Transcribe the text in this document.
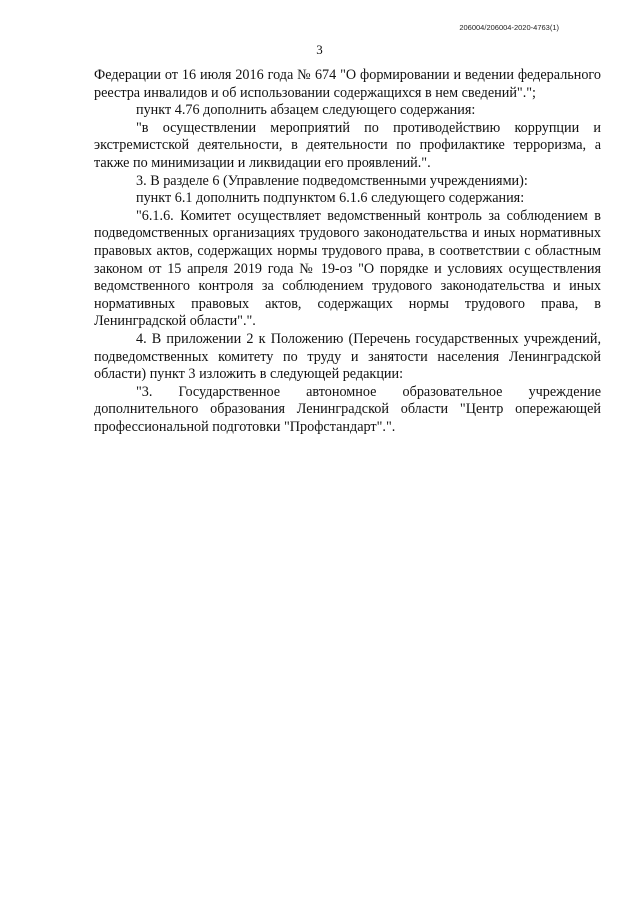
206004/206004-2020-4763(1)
3

Федерации от 16 июля 2016 года № 674 "О формировании и ведении федерального реестра инвалидов и об использовании содержащихся в нем сведений".";

пункт 4.76 дополнить абзацем следующего содержания:

"в осуществлении мероприятий по противодействию коррупции и экстремистской деятельности, в деятельности по профилактике терроризма, а также по минимизации и ликвидации его проявлений.".

3. В разделе 6 (Управление подведомственными учреждениями):

пункт 6.1 дополнить подпунктом 6.1.6 следующего содержания:

"6.1.6. Комитет осуществляет ведомственный контроль за соблюдением в подведомственных организациях трудового законодательства и иных нормативных правовых актов, содержащих нормы трудового права, в соответствии с областным законом от 15 апреля 2019 года № 19-оз "О порядке и условиях осуществления ведомственного контроля за соблюдением трудового законодательства и иных нормативных правовых актов, содержащих нормы трудового права, в Ленинградской области".".

4. В приложении 2 к Положению (Перечень государственных учреждений, подведомственных комитету по труду и занятости населения Ленинградской области) пункт 3 изложить в следующей редакции:

"3. Государственное автономное образовательное учреждение дополнительного образования Ленинградской области "Центр опережающей профессиональной подготовки "Профстандарт".".
